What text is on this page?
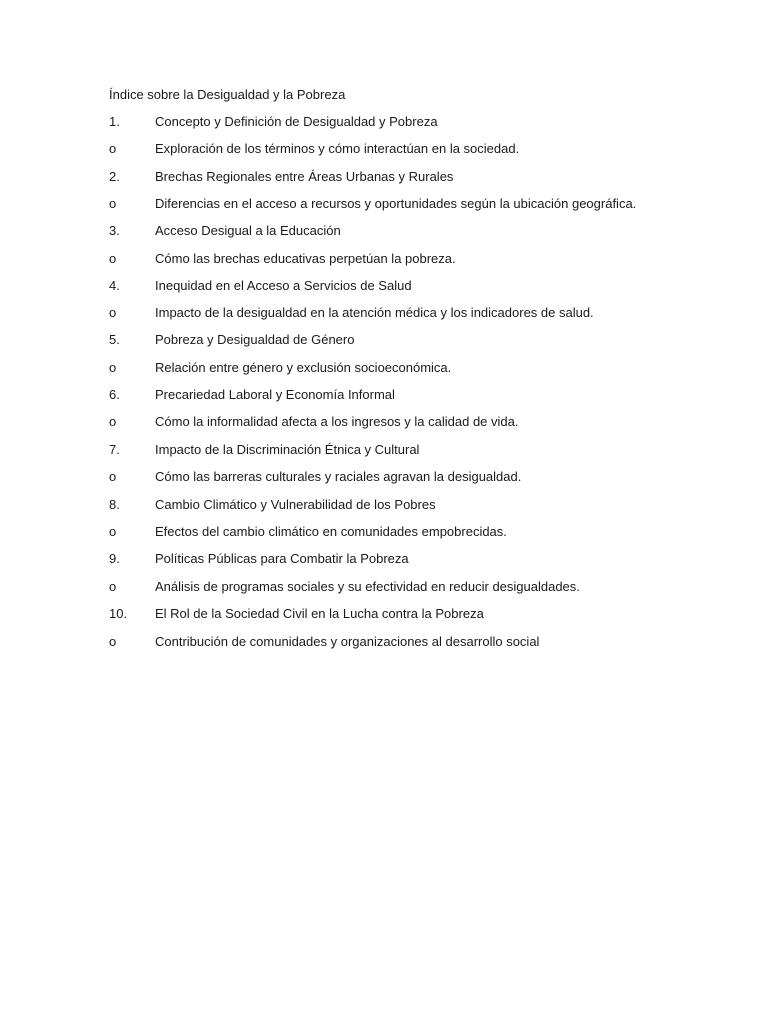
Índice sobre la Desigualdad y la Pobreza
1.	Concepto y Definición de Desigualdad y Pobreza
o	Exploración de los términos y cómo interactúan en la sociedad.
2.	Brechas Regionales entre Áreas Urbanas y Rurales
o	Diferencias en el acceso a recursos y oportunidades según la ubicación geográfica.
3.	Acceso Desigual a la Educación
o	Cómo las brechas educativas perpetúan la pobreza.
4.	Inequidad en el Acceso a Servicios de Salud
o	Impacto de la desigualdad en la atención médica y los indicadores de salud.
5.	Pobreza y Desigualdad de Género
o	Relación entre género y exclusión socioeconómica.
6.	Precariedad Laboral y Economía Informal
o	Cómo la informalidad afecta a los ingresos y la calidad de vida.
7.	Impacto de la Discriminación Étnica y Cultural
o	Cómo las barreras culturales y raciales agravan la desigualdad.
8.	Cambio Climático y Vulnerabilidad de los Pobres
o	Efectos del cambio climático en comunidades empobrecidas.
9.	Políticas Públicas para Combatir la Pobreza
o	Análisis de programas sociales y su efectividad en reducir desigualdades.
10.	El Rol de la Sociedad Civil en la Lucha contra la Pobreza
o	Contribución de comunidades y organizaciones al desarrollo social
